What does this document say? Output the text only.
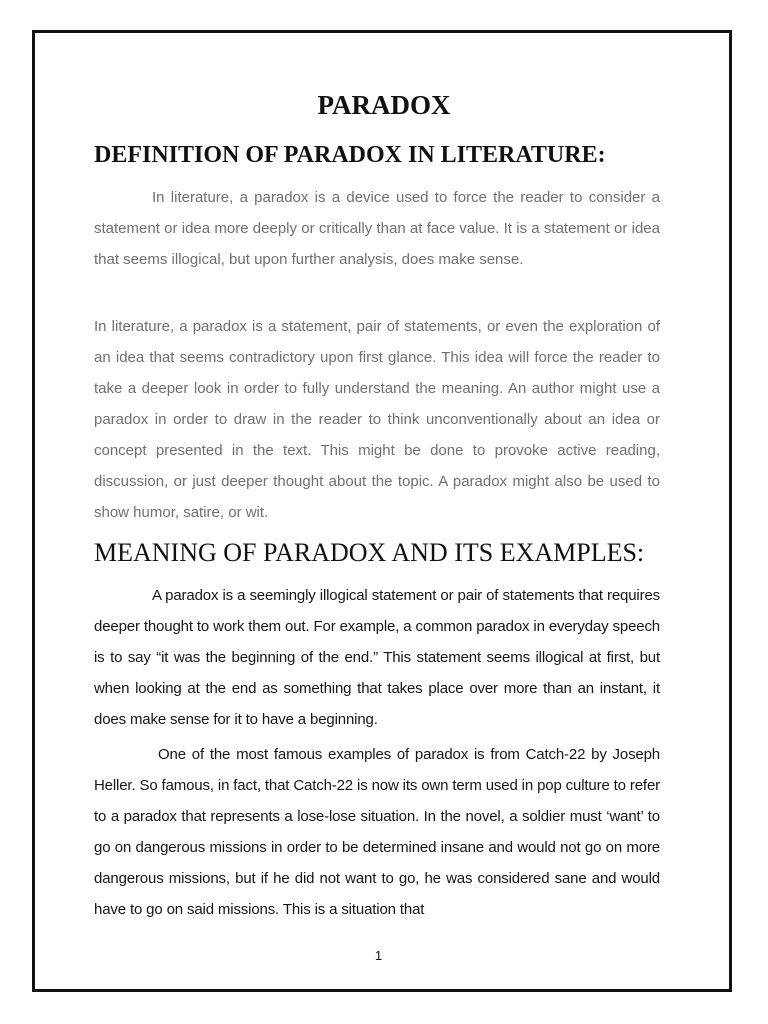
PARADOX
DEFINITION OF PARADOX IN LITERATURE:

In literature, a paradox is a device used to force the reader to consider a statement or idea more deeply or critically than at face value. It is a statement or idea that seems illogical, but upon further analysis, does make sense.

In literature, a paradox is a statement, pair of statements, or even the exploration of an idea that seems contradictory upon first glance. This idea will force the reader to take a deeper look in order to fully understand the meaning. An author might use a paradox in order to draw in the reader to think unconventionally about an idea or concept presented in the text. This might be done to provoke active reading, discussion, or just deeper thought about the topic. A paradox might also be used to show humor, satire, or wit.

MEANING OF PARADOX AND ITS EXAMPLES:

A paradox is a seemingly illogical statement or pair of statements that requires deeper thought to work them out. For example, a common paradox in everyday speech is to say “it was the beginning of the end.” This statement seems illogical at first, but when looking at the end as something that takes place over more than an instant, it does make sense for it to have a beginning.

One of the most famous examples of paradox is from Catch-22 by Joseph Heller. So famous, in fact, that Catch-22 is now its own term used in pop culture to refer to a paradox that represents a lose-lose situation. In the novel, a soldier must ‘want’ to go on dangerous missions in order to be determined insane and would not go on more dangerous missions, but if he did not want to go, he was considered sane and would have to go on said missions. This is a situation that

1
